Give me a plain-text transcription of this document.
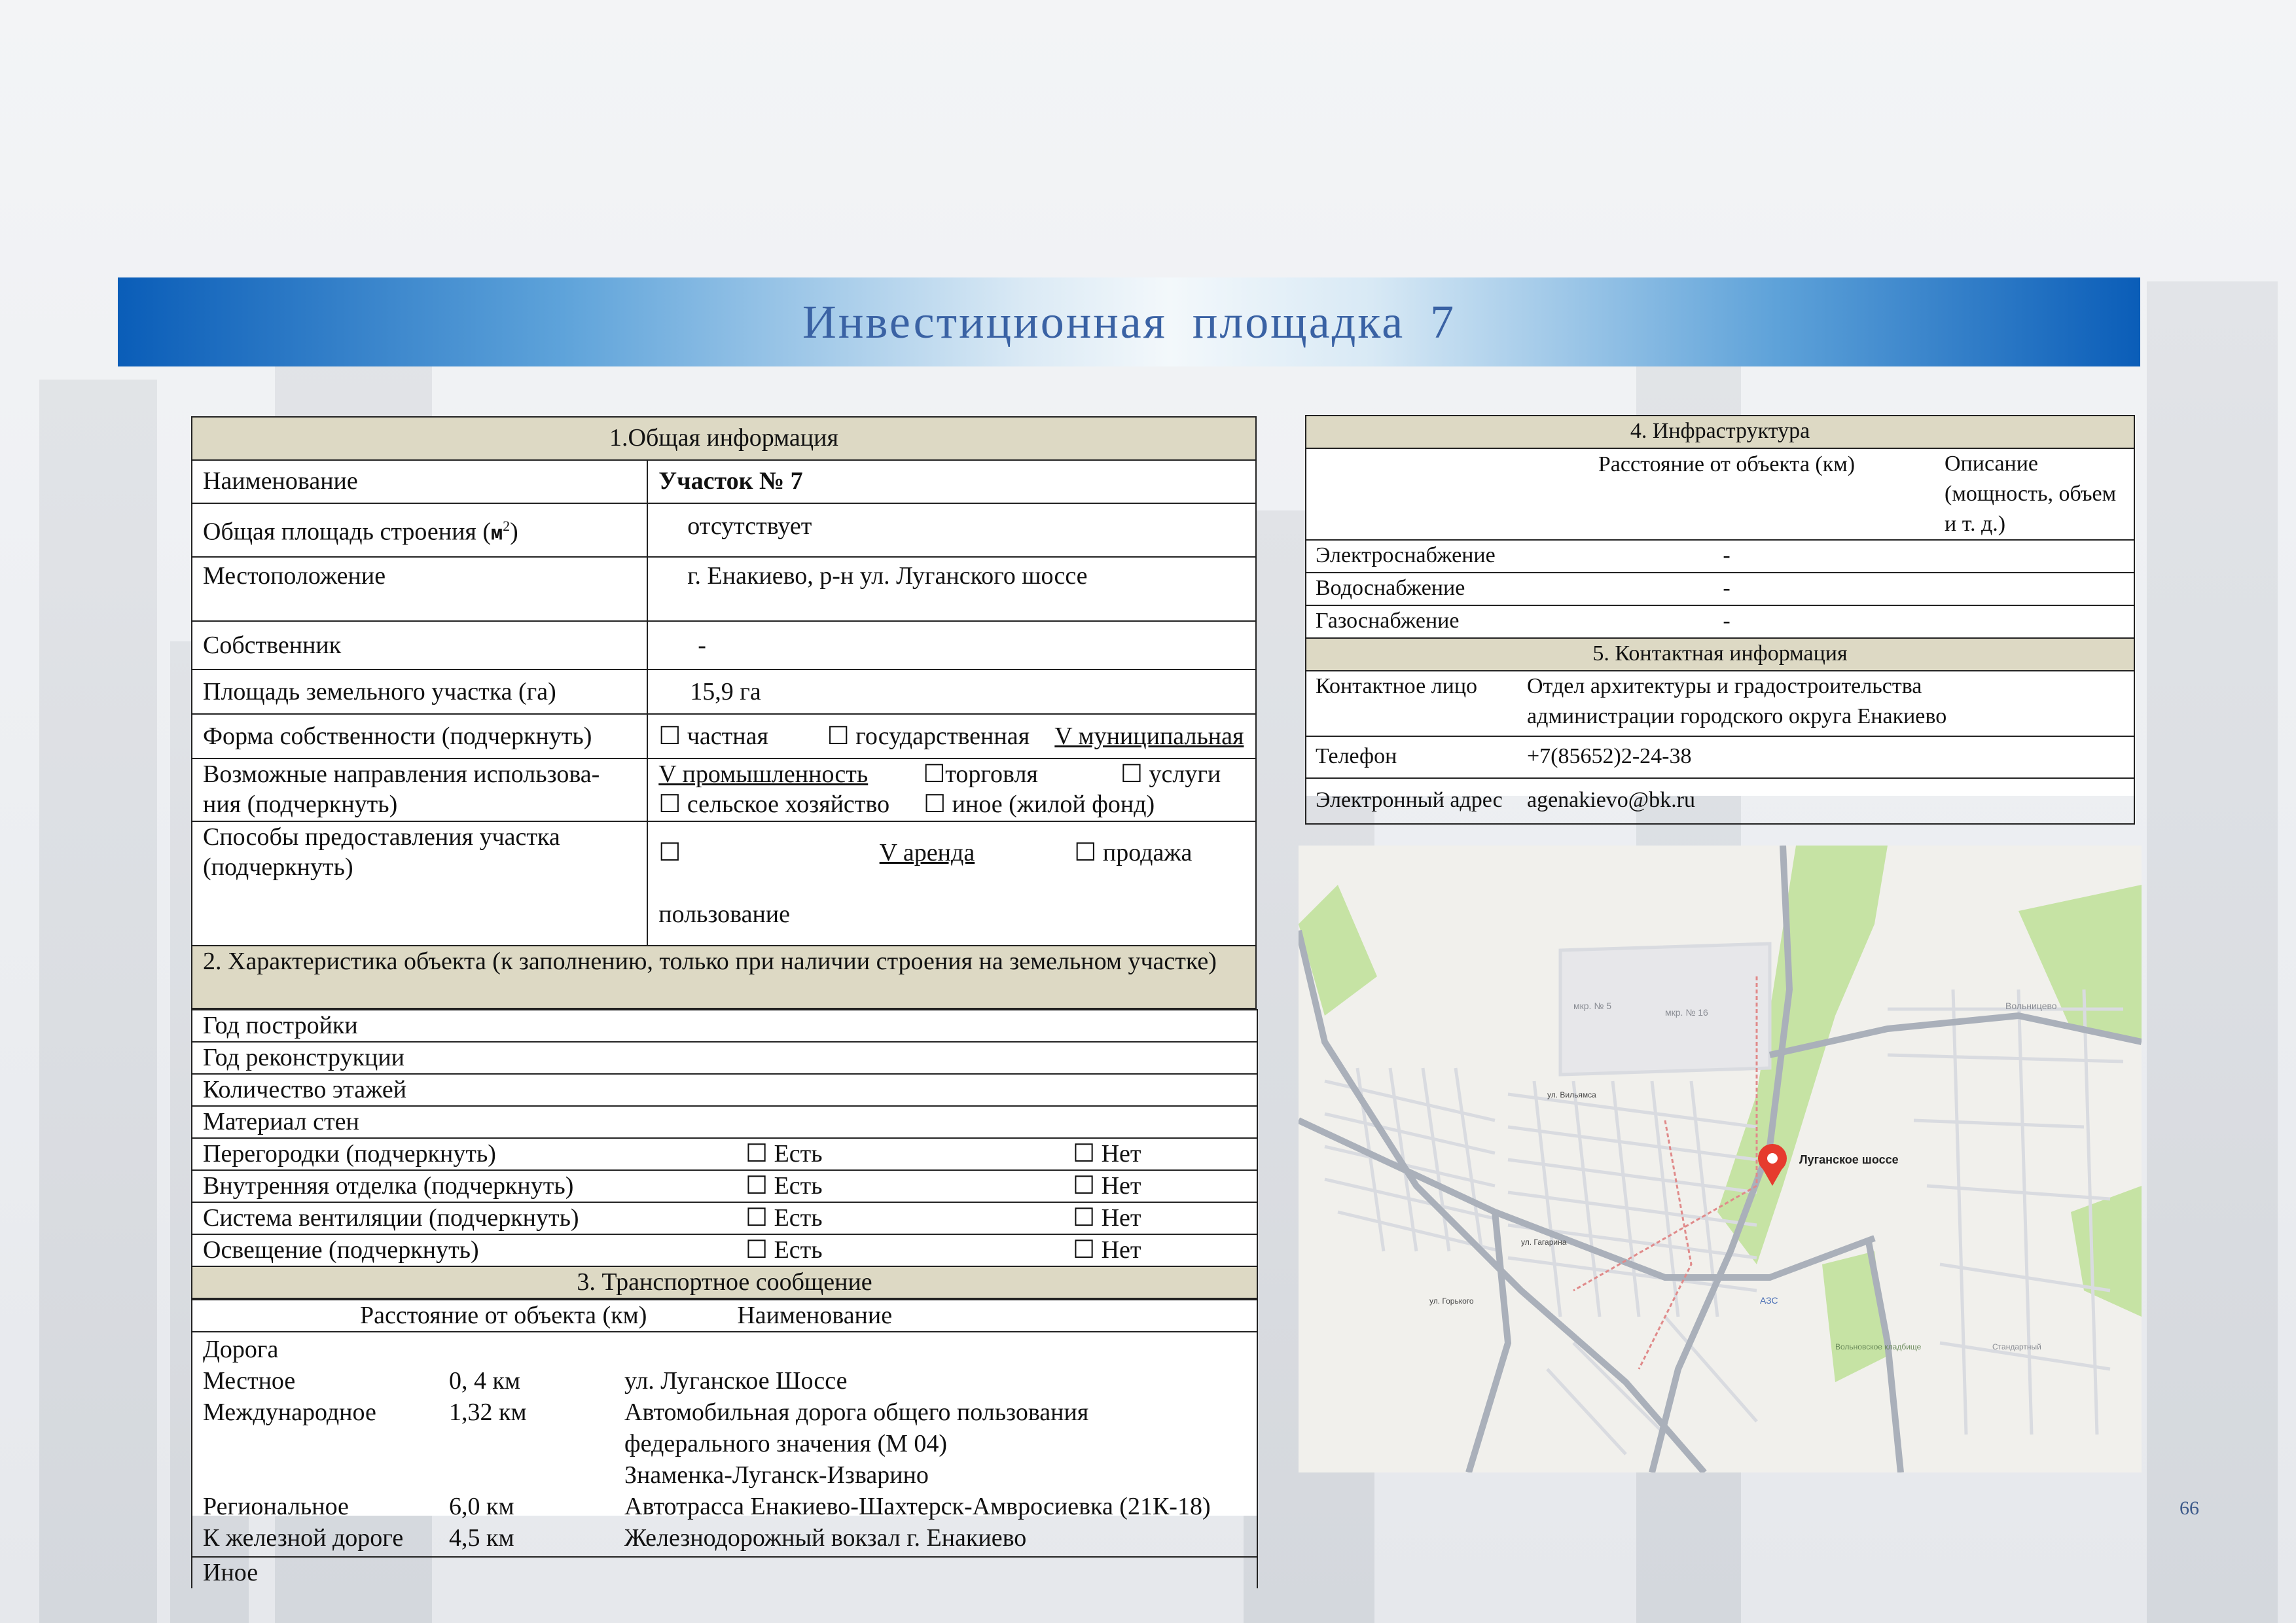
Инвестиционная площадка 7
1.Общая информация			
Наименование	Участок № 7		
Общая площадь строения $(м^2)$	отсутствует		
Местоположение	г. Енакиево, р-н ул. Луганского шоссе		
Собственник	-		
Площадь земельного участка (га)	15,9 га		
Форма собственности (подчеркнуть)	☐ частная	☐ государственная	V муниципальная
Возможные направления использова-ния (подчеркнуть)	V промышленность ☐торговля ☐ услуги
☐ сельское хозяйство ☐ иное (жилой фонд)		
Способы предоставления участка (подчеркнуть)	☐ пользование	V аренда	☐ продажа
2. Характеристика объекта (к заполнению, только при наличии строения на земельном участке)			
Год постройки		
Год реконструкции		
Количество этажей		
Материал стен		
Перегородки (подчеркнуть)	☐ Есть	☐ Нет
Внутренняя отделка (подчеркнуть)	☐ Есть	☐ Нет
Система вентиляции (подчеркнуть)	☐ Есть	☐ Нет
Освещение (подчеркнуть)	☐ Есть	☐ Нет
3. Транспортное сообщение		
Расстояние от объекта (км)	Наименование

Дорога
Местное	0, 4 км	ул. Луганское Шоссе
Международное	1,32 км	Автомобильная дорога общего пользования
федерального значения (М 04)
Знаменка-Луганск-Изварино
Региональное	6,0 км	Автотрасса Енакиево-Шахтерск-Амвросиевка (21К-18)
К железной дороге	4,5 км	Железнодорожный вокзал г. Енакиево

Иное
4. Инфраструктура		
	Расстояние от объекта (км)	Описание (мощность, объем и т. д.)
Электроснабжение	-	
Водоснабжение	-	
Газоснабжение	-	
5. Контактная информация		
Контактное лицо	Отдел архитектуры и градостроительства администрации городского округа Енакиево	
Телефон	+7(85652)2-24-38	
Электронный адрес	agenakievo@bk.ru	
Луганское шоссе
мкр. № 5
мкр. № 16
Вольницево
АЗС
Вольновское кладбище
ул. Вильямса
ул. Гагарина
ул. Горького
Стандартный
66
